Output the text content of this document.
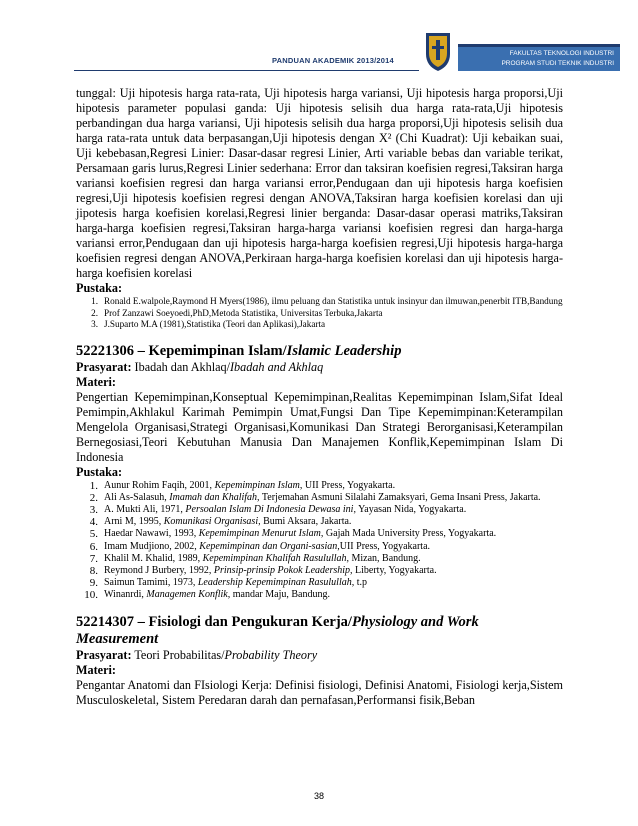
PANDUAN AKADEMIK 2013/2014
FAKULTAS TEKNOLOGI INDUSTRI
PROGRAM STUDI TEKNIK INDUSTRI

tunggal: Uji hipotesis harga rata-rata, Uji hipotesis harga variansi, Uji hipotesis harga proporsi,Uji hipotesis parameter populasi ganda: Uji hipotesis selisih dua harga rata-rata,Uji hipotesis perbandingan dua harga variansi, Uji hipotesis selisih dua harga proporsi,Uji hipotesis selisih dua harga rata-rata untuk data berpasangan,Uji hipotesis dengan X² (Chi Kuadrat): Uji kebaikan suai, Uji kebebasan,Regresi Linier: Dasar-dasar regresi Linier, Arti variable bebas dan variable terikat, Persamaan garis lurus,Regresi Linier sederhana: Error dan taksiran koefisien regresi,Taksiran harga variansi koefisien regresi dan harga variansi error,Pendugaan dan uji hipotesis harga koefisien regresi,Uji hipotesis koefisien regresi dengan ANOVA,Taksiran harga koefisien korelasi dan uji jipotesis harga koefisien korelasi,Regresi linier berganda: Dasar-dasar operasi matriks,Taksiran harga-harga koefisien regresi,Taksiran harga-harga variansi koefisien regresi dan harga-harga variansi error,Pendugaan dan uji hipotesis harga-harga koefisien regresi,Uji hipotesis harga-harga koefisien regresi dengan ANOVA,Perkiraan harga-harga koefisien korelasi dan uji hipotesis harga-harga koefisien korelasi

Pustaka:

1. Ronald E.walpole,Raymond H Myers(1986), ilmu peluang dan Statistika untuk insinyur dan ilmuwan,penerbit ITB,Bandung
2. Prof Zanzawi Soeyoedi,PhD,Metoda Statistika, Universitas Terbuka,Jakarta
3. J.Suparto M.A (1981),Statistika (Teori dan Aplikasi),Jakarta
52221306 – Kepemimpinan Islam/Islamic Leadership

Prasyarat: Ibadah dan Akhlaq/Ibadah and Akhlaq

Materi:

Pengertian Kepemimpinan,Konseptual Kepemimpinan,Realitas Kepemimpinan Islam,Sifat Ideal Pemimpin,Akhlakul Karimah Pemimpin Umat,Fungsi Dan Tipe Kepemimpinan:Keterampilan Mengelola Organisasi,Strategi Organisasi,Komunikasi Dan Strategi Berorganisasi,Keterampilan Bernegosiasi,Teori Kebutuhan Manusia Dan Manajemen Konflik,Kepemimpinan Islam Di Indonesia

Pustaka:

1. Aunur Rohim Faqih, 2001, Kepemimpinan Islam, UII Press, Yogyakarta.
2. Ali As-Salasuh, Imamah dan Khalifah, Terjemahan Asmuni Silalahi Zamaksyari, Gema Insani Press, Jakarta.
3. A. Mukti Ali, 1971, Persoalan Islam Di Indonesia Dewasa ini, Yayasan Nida, Yogyakarta.
4. Arni M, 1995, Komunikasi Organisasi, Bumi Aksara, Jakarta.
5. Haedar Nawawi, 1993, Kepemimpinan Menurut Islam, Gajah Mada University Press, Yogyakarta.
6. Imam Mudjiono, 2002, Kepemimpinan dan Organi-sasian,UII Press, Yogyakarta.
7. Khalil M. Khalid, 1989, Kepemimpinan Khalifah Rasulullah, Mizan, Bandung.
8. Reymond J Burbery, 1992, Prinsip-prinsip Pokok Leadership, Liberty, Yogyakarta.
9. Saimun Tamimi, 1973, Leadership Kepemimpinan Rasulullah, t.p
10. Winanrdi, Managemen Konflik, mandar Maju, Bandung.
52214307 – Fisiologi dan Pengukuran Kerja/Physiology and Work Measurement

Prasyarat: Teori Probabilitas/Probability Theory

Materi:

Pengantar Anatomi dan FIsiologi Kerja: Definisi fisiologi, Definisi Anatomi, Fisiologi kerja,Sistem Musculoskeletal, Sistem Peredaran darah dan pernafasan,Performansi fisik,Beban

38
